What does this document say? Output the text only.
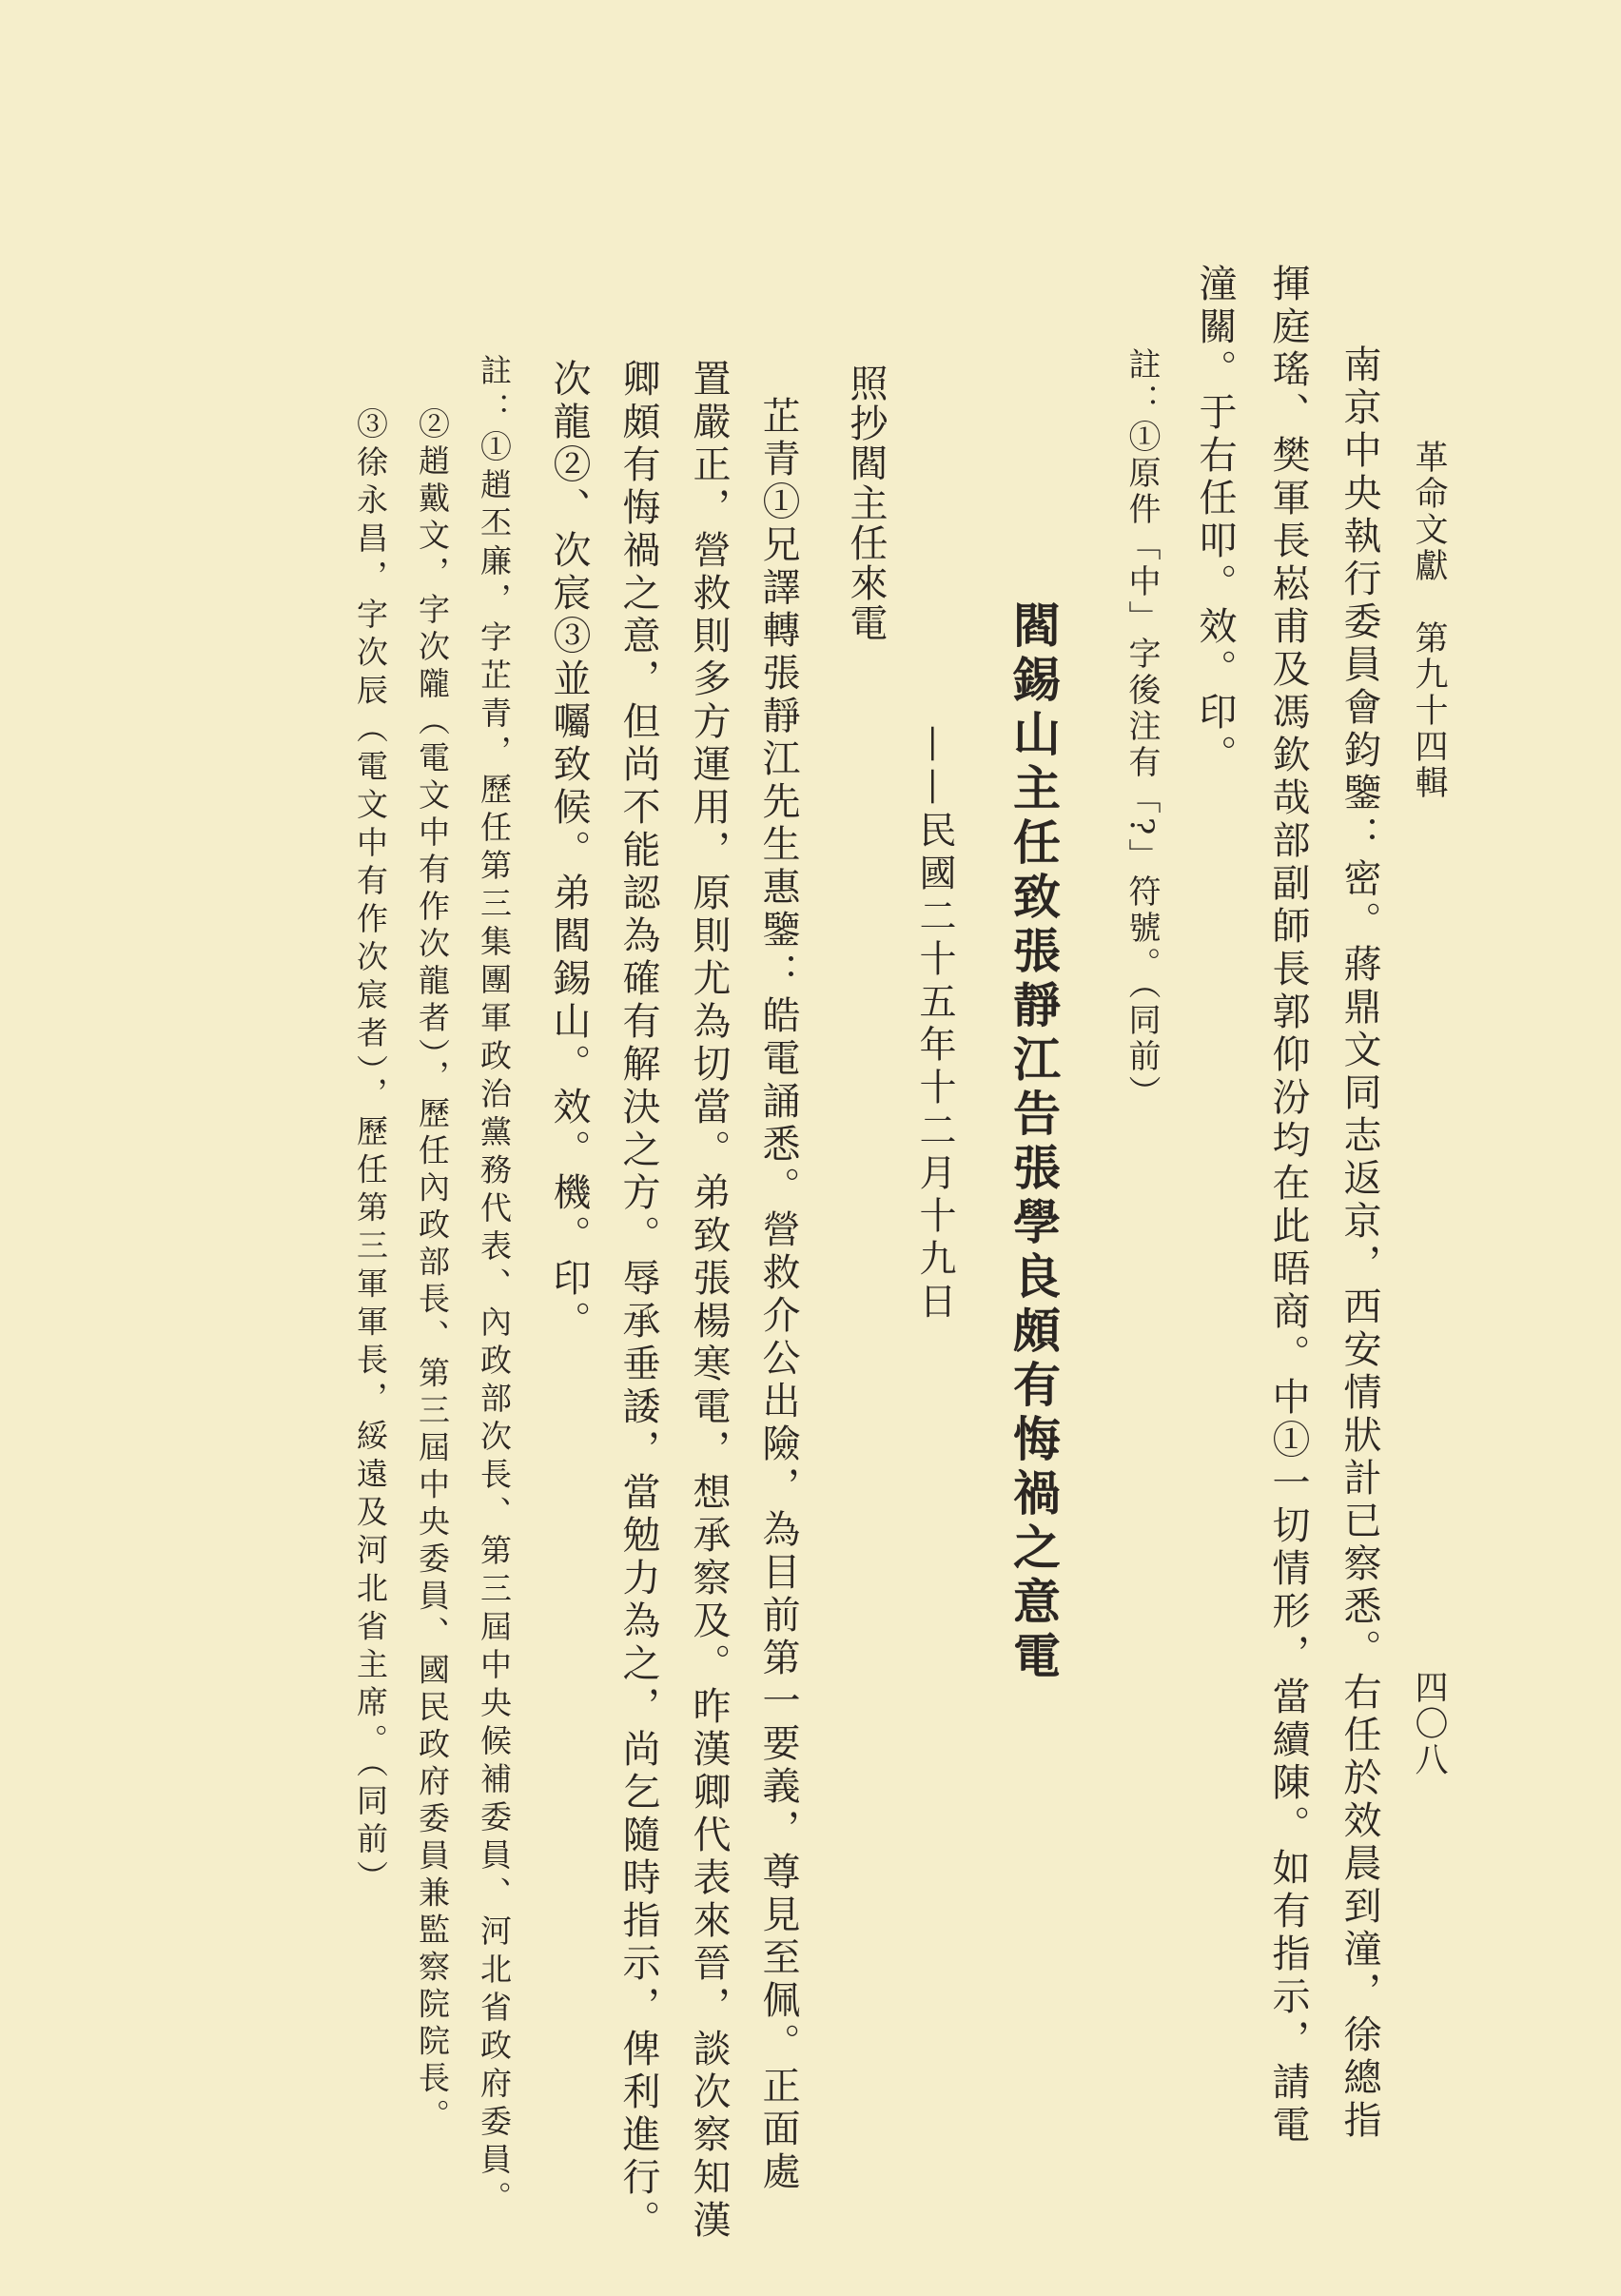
革命文獻　第九十四輯
四〇八
南京中央執行委員會鈞鑒：密。蔣鼎文同志返京，西安情狀計已察悉。右任於效晨到潼，徐總指
揮庭瑤、樊軍長崧甫及馮欽哉部副師長郭仰汾均在此晤商。中①一切情形，當續陳。如有指示，請電
潼關。于右任叩。效。印。
註：①原件「中」字後注有「?」符號。（同前）
閻錫山主任致張靜江告張學良頗有悔禍之意電
——民國二十五年十二月十九日
照抄閻主任來電
芷青①兄譯轉張靜江先生惠鑒：皓電誦悉。營救介公出險，為目前第一要義，尊見至佩。正面處
置嚴正，營救則多方運用，原則尤為切當。弟致張楊寒電，想承察及。昨漢卿代表來晉，談次察知漢
卿頗有悔禍之意，但尚不能認為確有解決之方。辱承垂諉，當勉力為之，尚乞隨時指示，俾利進行。
次龍②、次宸③並囑致候。弟閻錫山。效。機。印。
註：①趙丕廉，字芷青，歷任第三集團軍政治黨務代表、內政部次長、第三屆中央候補委員、河北省政府委員。
②趙戴文，字次隴（電文中有作次龍者），歷任內政部長、第三屆中央委員、國民政府委員兼監察院院長。
③徐永昌，字次辰（電文中有作次宸者），歷任第三軍軍長，綏遠及河北省主席。（同前）
